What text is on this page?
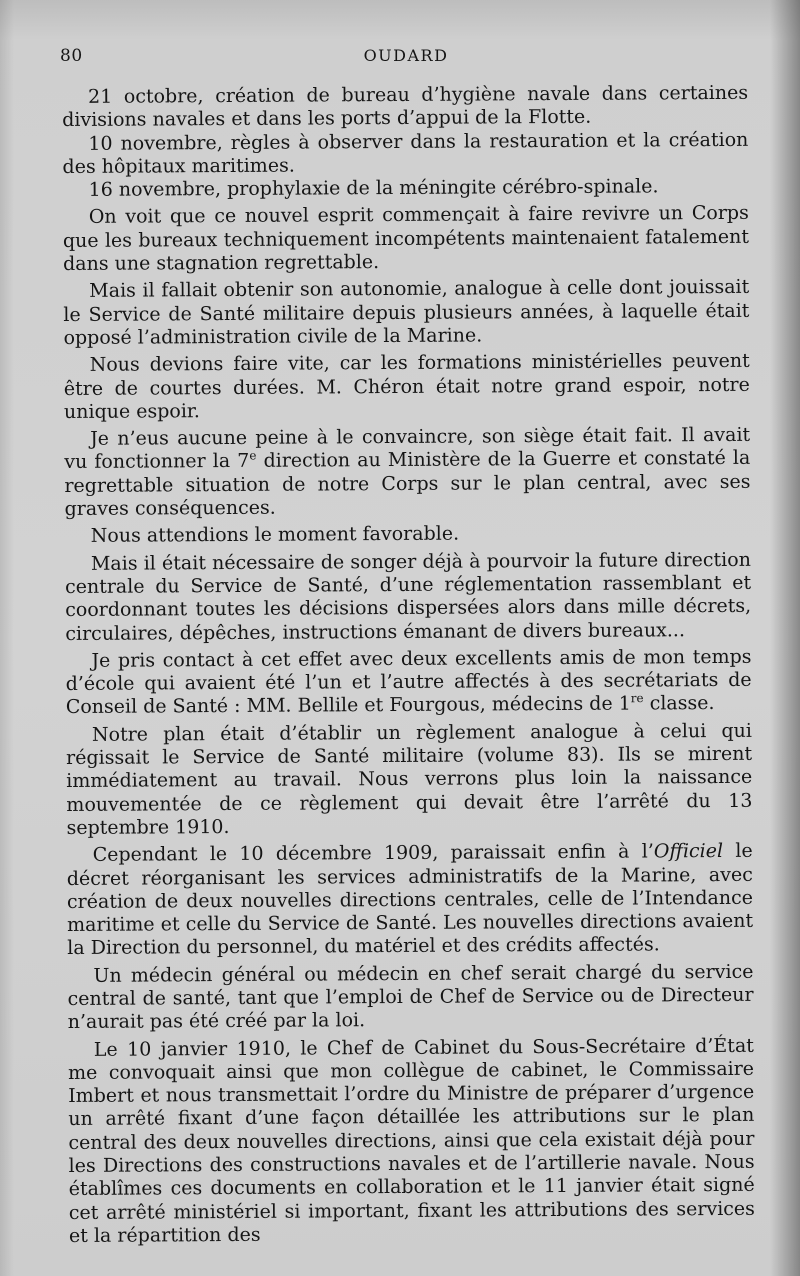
80	OUDARD

21 octobre, création de bureau d’hygiène navale dans certaines divisions navales et dans les ports d’appui de la Flotte.

10 novembre, règles à observer dans la restauration et la création des hôpitaux maritimes.

16 novembre, prophylaxie de la méningite cérébro-spinale.

On voit que ce nouvel esprit commençait à faire revivre un Corps que les bureaux techniquement incompétents maintenaient fatalement dans une stagnation regrettable.

Mais il fallait obtenir son autonomie, analogue à celle dont jouissait le Service de Santé militaire depuis plusieurs années, à laquelle était opposé l’administration civile de la Marine.

Nous devions faire vite, car les formations ministérielles peuvent être de courtes durées. M. Chéron était notre grand espoir, notre unique espoir.

Je n’eus aucune peine à le convaincre, son siège était fait. Il avait vu fonctionner la 7e direction au Ministère de la Guerre et constaté la regrettable situation de notre Corps sur le plan central, avec ses graves conséquences.

Nous attendions le moment favorable.

Mais il était nécessaire de songer déjà à pourvoir la future direction centrale du Service de Santé, d’une réglementation rassemblant et coordonnant toutes les décisions dispersées alors dans mille décrets, circulaires, dépêches, instructions émanant de divers bureaux...

Je pris contact à cet effet avec deux excellents amis de mon temps d’école qui avaient été l’un et l’autre affectés à des secrétariats de Conseil de Santé : MM. Bellile et Fourgous, médecins de 1re classe.

Notre plan était d’établir un règlement analogue à celui qui régissait le Service de Santé militaire (volume 83). Ils se mirent immédiatement au travail. Nous verrons plus loin la naissance mouvementée de ce règlement qui devait être l’arrêté du 13 septembre 1910.

Cependant le 10 décembre 1909, paraissait enfin à l’Officiel le décret réorganisant les services administratifs de la Marine, avec création de deux nouvelles directions centrales, celle de l’Intendance maritime et celle du Service de Santé. Les nouvelles directions avaient la Direction du personnel, du matériel et des crédits affectés.

Un médecin général ou médecin en chef serait chargé du service central de santé, tant que l’emploi de Chef de Service ou de Directeur n’aurait pas été créé par la loi.

Le 10 janvier 1910, le Chef de Cabinet du Sous-Secrétaire d’État me convoquait ainsi que mon collègue de cabinet, le Commissaire Imbert et nous transmettait l’ordre du Ministre de préparer d’urgence un arrêté fixant d’une façon détaillée les attributions sur le plan central des deux nouvelles directions, ainsi que cela existait déjà pour les Directions des constructions navales et de l’artillerie navale. Nous établîmes ces documents en collaboration et le 11 janvier était signé cet arrêté ministériel si important, fixant les attributions des services et la répartition des
